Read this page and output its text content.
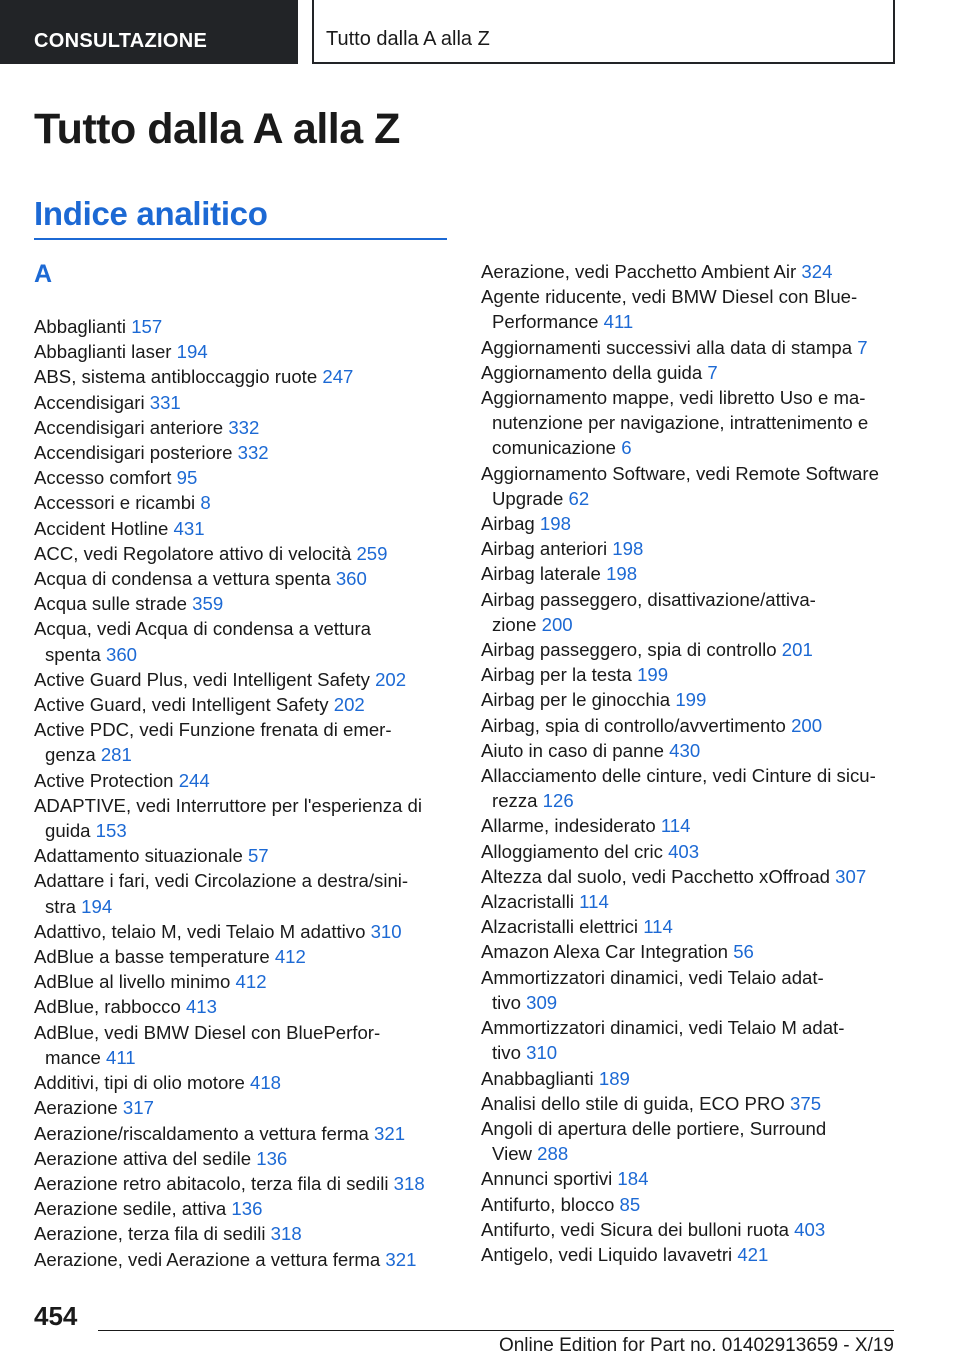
CONSULTAZIONE	Tutto dalla A alla Z
Tutto dalla A alla Z
Indice analitico
A
Abbaglianti 157
Abbaglianti laser 194
ABS, sistema antibloccaggio ruote 247
Accendisigari 331
Accendisigari anteriore 332
Accendisigari posteriore 332
Accesso comfort 95
Accessori e ricambi 8
Accident Hotline 431
ACC, vedi Regolatore attivo di velocità 259
Acqua di condensa a vettura spenta 360
Acqua sulle strade 359
Acqua, vedi Acqua di condensa a vettura
spenta 360
Active Guard Plus, vedi Intelligent Safety 202
Active Guard, vedi Intelligent Safety 202
Active PDC, vedi Funzione frenata di emer‐
genza 281
Active Protection 244
ADAPTIVE, vedi Interruttore per l'esperienza di
guida 153
Adattamento situazionale 57
Adattare i fari, vedi Circolazione a destra/sini‐
stra 194
Adattivo, telaio M, vedi Telaio M adattivo 310
AdBlue a basse temperature 412
AdBlue al livello minimo 412
AdBlue, rabbocco 413
AdBlue, vedi BMW Diesel con BluePerfor‐
mance 411
Additivi, tipi di olio motore 418
Aerazione 317
Aerazione/riscaldamento a vettura ferma 321
Aerazione attiva del sedile 136
Aerazione retro abitacolo, terza fila di sedili 318
Aerazione sedile, attiva 136
Aerazione, terza fila di sedili 318
Aerazione, vedi Aerazione a vettura ferma 321
Aerazione, vedi Pacchetto Ambient Air 324
Agente riducente, vedi BMW Diesel con Blue‐
Performance 411
Aggiornamenti successivi alla data di stampa 7
Aggiornamento della guida 7
Aggiornamento mappe, vedi libretto Uso e ma‐
nutenzione per navigazione, intrattenimento e
comunicazione 6
Aggiornamento Software, vedi Remote Software
Upgrade 62
Airbag 198
Airbag anteriori 198
Airbag laterale 198
Airbag passeggero, disattivazione/attiva‐
zione 200
Airbag passeggero, spia di controllo 201
Airbag per la testa 199
Airbag per le ginocchia 199
Airbag, spia di controllo/avvertimento 200
Aiuto in caso di panne 430
Allacciamento delle cinture, vedi Cinture di sicu‐
rezza 126
Allarme, indesiderato 114
Alloggiamento del cric 403
Altezza dal suolo, vedi Pacchetto xOffroad 307
Alzacristalli 114
Alzacristalli elettrici 114
Amazon Alexa Car Integration 56
Ammortizzatori dinamici, vedi Telaio adat‐
tivo 309
Ammortizzatori dinamici, vedi Telaio M adat‐
tivo 310
Anabbaglianti 189
Analisi dello stile di guida, ECO PRO 375
Angoli di apertura delle portiere, Surround
View 288
Annunci sportivi 184
Antifurto, blocco 85
Antifurto, vedi Sicura dei bulloni ruota 403
Antigelo, vedi Liquido lavavetri 421
454
Online Edition for Part no. 01402913659 - X/19
